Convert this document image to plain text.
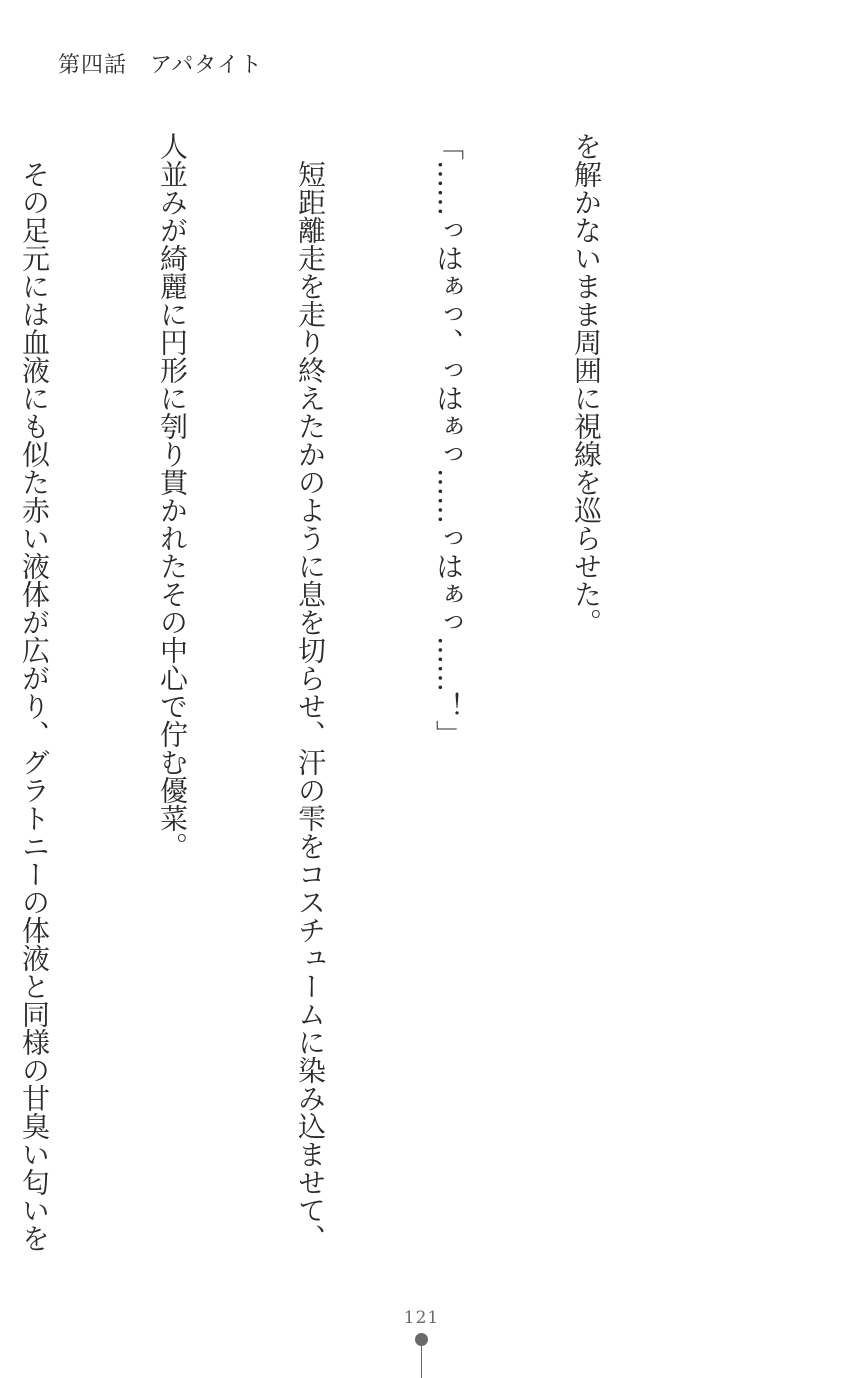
第四話　アパタイト

を解かないまま周囲に視線を巡らせた。

「……っはぁっ、っはぁっ……っはぁっ……！」

　短距離走を走り終えたかのように息を切らせ、汗の雫をコスチュームに染み込ませて、

人並みが綺麗に円形に刳り貫かれたその中心で佇む優菜。

　その足元には血液にも似た赤い液体が広がり、グラトニーの体液と同様の甘臭い匂いを

121
